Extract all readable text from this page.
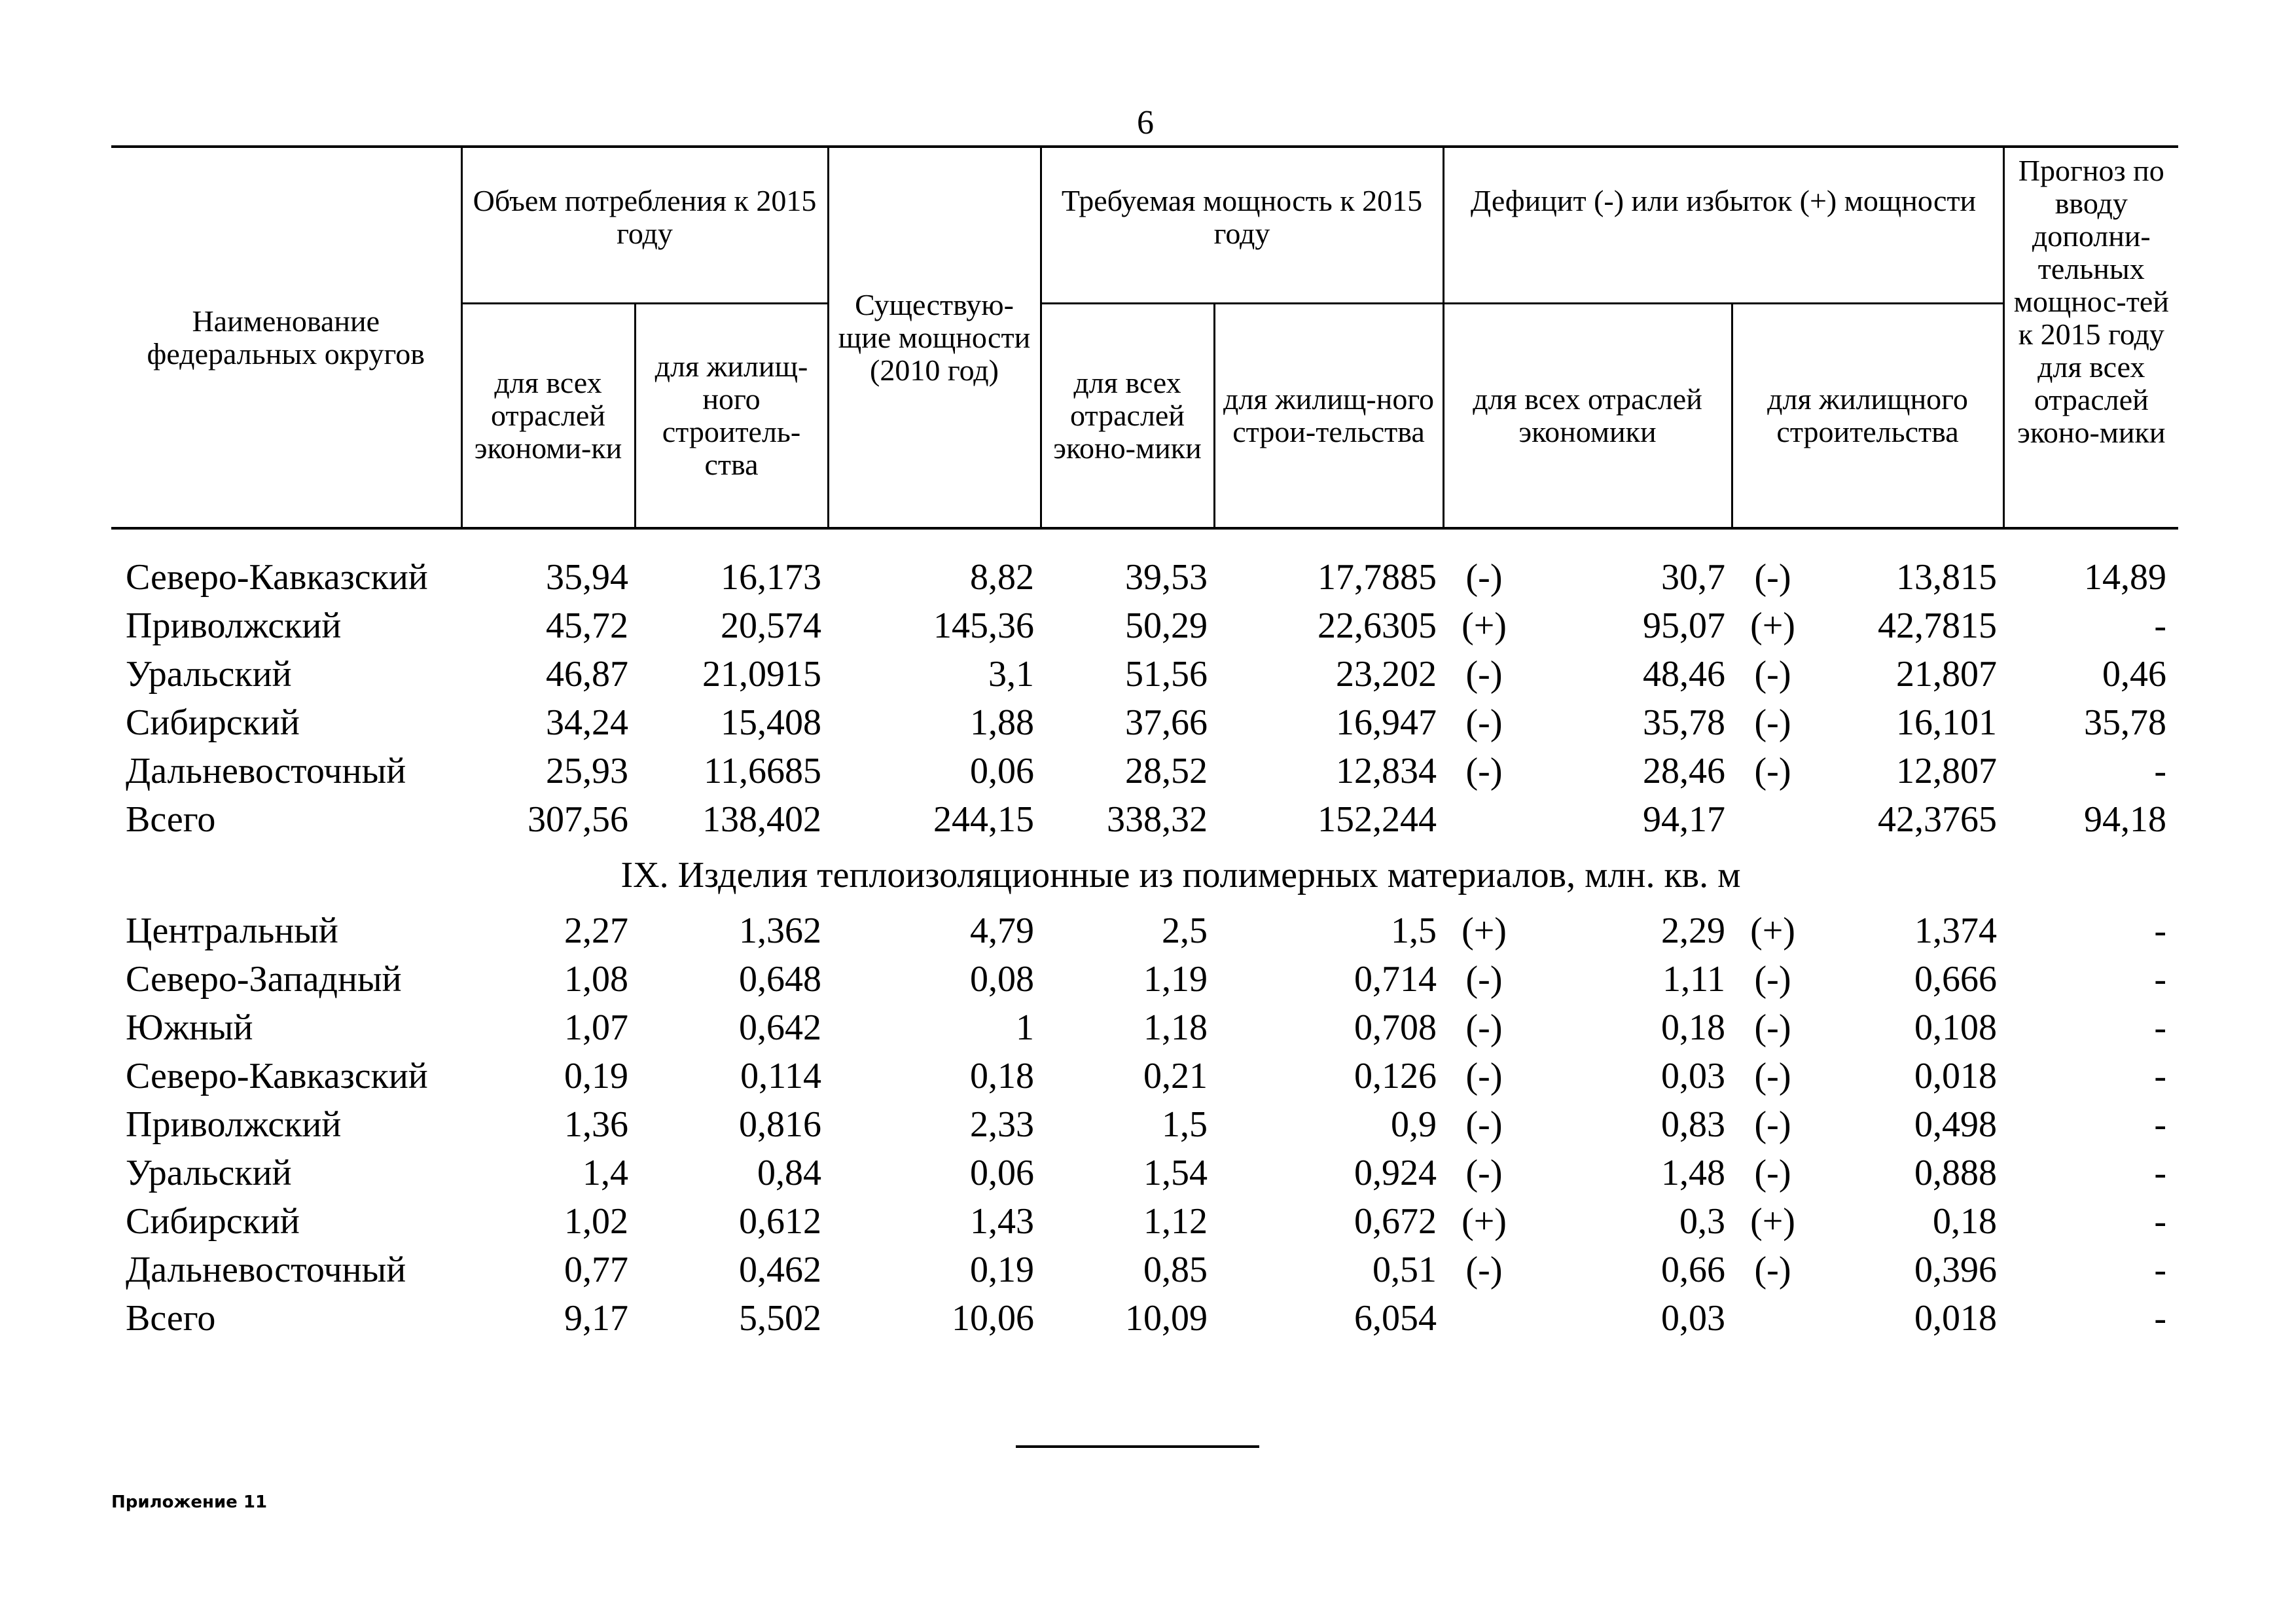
6
Наименование федеральных округов	Объем потребления к 2015 году		Существую-щие мощности (2010 год)	Требуемая мощность к 2015 году		Дефицит (-) или избыток (+) мощности				Прогноз по вводу дополни-тельных мощнос-тей к 2015 году для всех отраслей эконо-мики
	для всех отраслей экономи-ки	для жилищ-ного строитель-ства		для всех отраслей эконо-мики	для жилищ-ного строи-тельства	для всех отраслей экономики		для жилищного строительства		

Северо-Кавказский	35,94	16,173	8,82	39,53	17,7885	(-)	30,7	(-)	13,815	14,89
Приволжский	45,72	20,574	145,36	50,29	22,6305	(+)	95,07	(+)	42,7815	-
Уральский	46,87	21,0915	3,1	51,56	23,202	(-)	48,46	(-)	21,807	0,46
Сибирский	34,24	15,408	1,88	37,66	16,947	(-)	35,78	(-)	16,101	35,78
Дальневосточный	25,93	11,6685	0,06	28,52	12,834	(-)	28,46	(-)	12,807	-
Всего	307,56	138,402	244,15	338,32	152,244		94,17		42,3765	94,18
IX. Изделия теплоизоляционные из полимерных материалов, млн. кв. м										
Центральный	2,27	1,362	4,79	2,5	1,5	(+)	2,29	(+)	1,374	-
Северо-Западный	1,08	0,648	0,08	1,19	0,714	(-)	1,11	(-)	0,666	-
Южный	1,07	0,642	1	1,18	0,708	(-)	0,18	(-)	0,108	-
Северо-Кавказский	0,19	0,114	0,18	0,21	0,126	(-)	0,03	(-)	0,018	-
Приволжский	1,36	0,816	2,33	1,5	0,9	(-)	0,83	(-)	0,498	-
Уральский	1,4	0,84	0,06	1,54	0,924	(-)	1,48	(-)	0,888	-
Сибирский	1,02	0,612	1,43	1,12	0,672	(+)	0,3	(+)	0,18	-
Дальневосточный	0,77	0,462	0,19	0,85	0,51	(-)	0,66	(-)	0,396	-
Всего	9,17	5,502	10,06	10,09	6,054		0,03		0,018	-
Приложение 11
